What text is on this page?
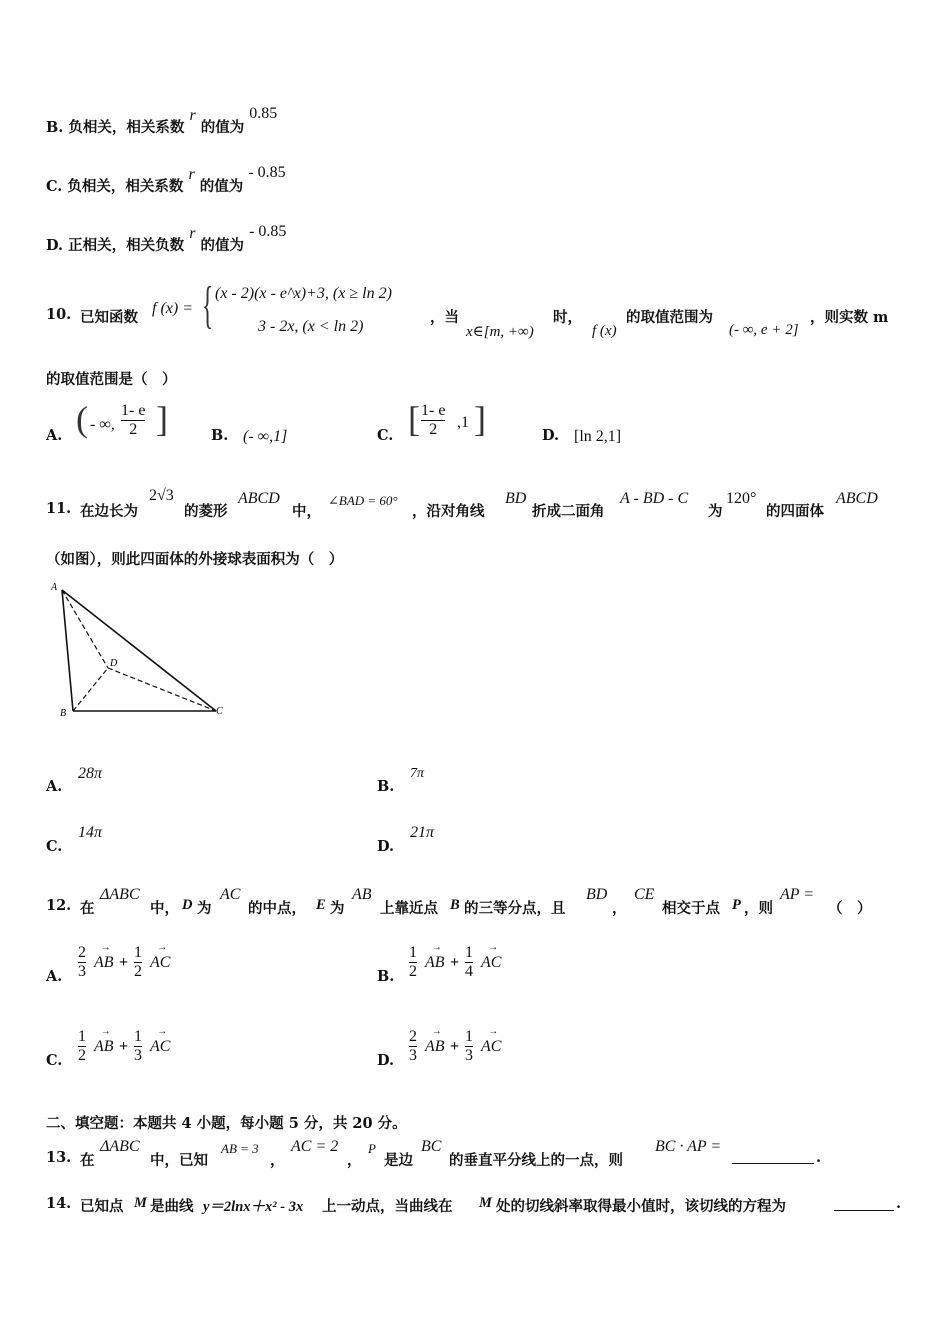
B. 负相关，相关系数 r 的值为 0.85
C. 负相关，相关系数 r 的值为 - 0.85
D. 正相关，相关负数 r 的值为 - 0.85
10. 已知函数
f (x) = { (x - 2)(x - e^x)+3, (x ≥ ln 2)
3 - 2x, (x < ln 2)
，当
x∈[m, +∞)
时，
f (x)
的取值范围为
(- ∞, e + 2]
，则实数 m
的取值范围是（　）
A. ( - ∞, $\frac{1- e}{2}$ ]	B. (- ∞,1]	C. [ $\frac{1- e}{2} ,1$ ]	D. [ln 2,1]
11. 在边长为
2√3
的菱形
ABCD
中，
∠BAD = 60°
，沿对角线
BD
折成二面角
A - BD - C
为
120°
的四面体
ABCD
（如图），则此四面体的外接球表面积为（　）
A
B	C
D
A.
28π
B.
7π
C.
14π
D.
21π
12. 在
ΔABC
中， D 为
AC
的中点， E 为
AB
上靠近点 B 的三等分点，且
BD
，
CE
相交于点 P ，则
AP =
（　）
A. $\frac{2}{3}$ → AB + $\frac{1}{2}$ → AC
B. $\frac{1}{2}$ → AB + $\frac{1}{4}$ → AC
C. $\frac{1}{2}$ → AB + $\frac{1}{3}$ → AC
D. $\frac{2}{3}$ → AB + $\frac{1}{3}$ → AC
二、填空题：本题共 4 小题，每小题 5 分，共 20 分。
13. 在
ΔABC
中，已知
AB = 3
，
AC = 2
，
P
是边
BC
的垂直平分线上的一点，则
BC · AP =
.
14. 已知点 M 是曲线 y＝2lnx＋x² ‑ 3x 上一动点，当曲线在 M 处的切线斜率取得最小值时，该切线的方程为	.
